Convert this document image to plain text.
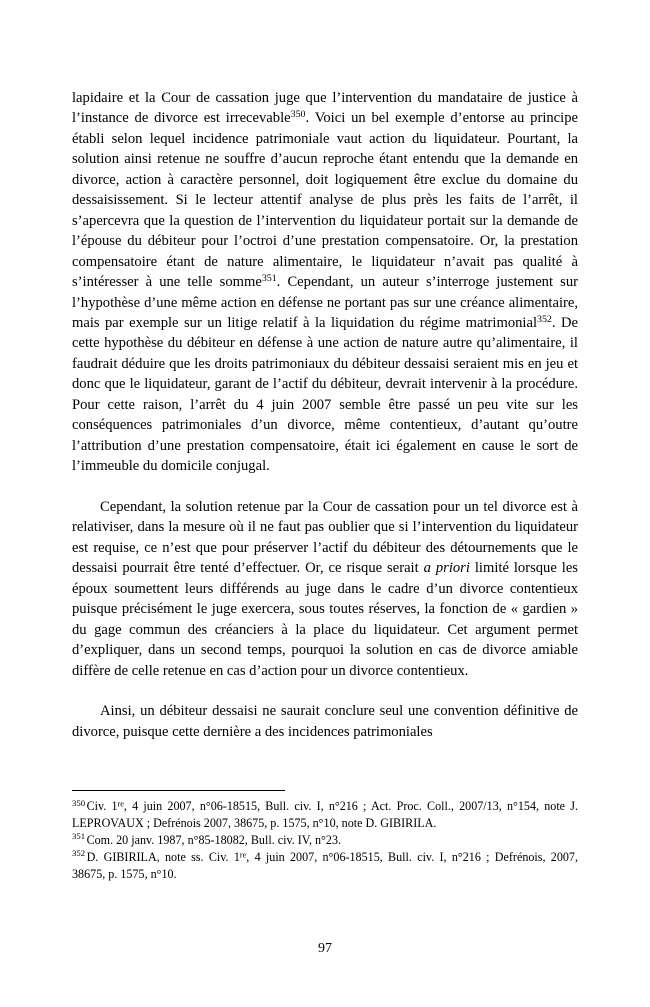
lapidaire et la Cour de cassation juge que l’intervention du mandataire de justice à l’instance de divorce est irrecevable$^{350}$. Voici un bel exemple d’entorse au principe établi selon lequel incidence patrimoniale vaut action du liquidateur. Pourtant, la solution ainsi retenue ne souffre d’aucun reproche étant entendu que la demande en divorce, action à caractère personnel, doit logiquement être exclue du domaine du dessaisissement. Si le lecteur attentif analyse de plus près les faits de l’arrêt, il s’apercevra que la question de l’intervention du liquidateur portait sur la demande de l’épouse du débiteur pour l’octroi d’une prestation compensatoire. Or, la prestation compensatoire étant de nature alimentaire, le liquidateur n’avait pas qualité à s’intéresser à une telle somme$^{351}$. Cependant, un auteur s’interroge justement sur l’hypothèse d’une même action en défense ne portant pas sur une créance alimentaire, mais par exemple sur un litige relatif à la liquidation du régime matrimonial$^{352}$. De cette hypothèse du débiteur en défense à une action de nature autre qu’alimentaire, il faudrait déduire que les droits patrimoniaux du débiteur dessaisi seraient mis en jeu et donc que le liquidateur, garant de l’actif du débiteur, devrait intervenir à la procédure. Pour cette raison, l’arrêt du 4 juin 2007 semble être passé un peu vite sur les conséquences patrimoniales d’un divorce, même contentieux, d’autant qu’outre l’attribution d’une prestation compensatoire, était ici également en cause le sort de l’immeuble du domicile conjugal.

Cependant, la solution retenue par la Cour de cassation pour un tel divorce est à relativiser, dans la mesure où il ne faut pas oublier que si l’intervention du liquidateur est requise, ce n’est que pour préserver l’actif du débiteur des détournements que le dessaisi pourrait être tenté d’effectuer. Or, ce risque serait a priori limité lorsque les époux soumettent leurs différends au juge dans le cadre d’un divorce contentieux puisque précisément le juge exercera, sous toutes réserves, la fonction de « gardien » du gage commun des créanciers à la place du liquidateur. Cet argument permet d’expliquer, dans un second temps, pourquoi la solution en cas de divorce amiable diffère de celle retenue en cas d’action pour un divorce contentieux.

Ainsi, un débiteur dessaisi ne saurait conclure seul une convention définitive de divorce, puisque cette dernière a des incidences patrimoniales

$^{350}$ Civ. 1re, 4 juin 2007, n°06-18515, Bull. civ. I, n°216 ; Act. Proc. Coll., 2007/13, n°154, note J. LEPROVAUX ; Defrénois 2007, 38675, p. 1575, n°10, note D. GIBIRILA.

$^{351}$ Com. 20 janv. 1987, n°85-18082, Bull. civ. IV, n°23.

$^{352}$ D. GIBIRILA, note ss. Civ. 1re, 4 juin 2007, n°06-18515, Bull. civ. I, n°216 ; Defrénois, 2007, 38675, p. 1575, n°10.

97
